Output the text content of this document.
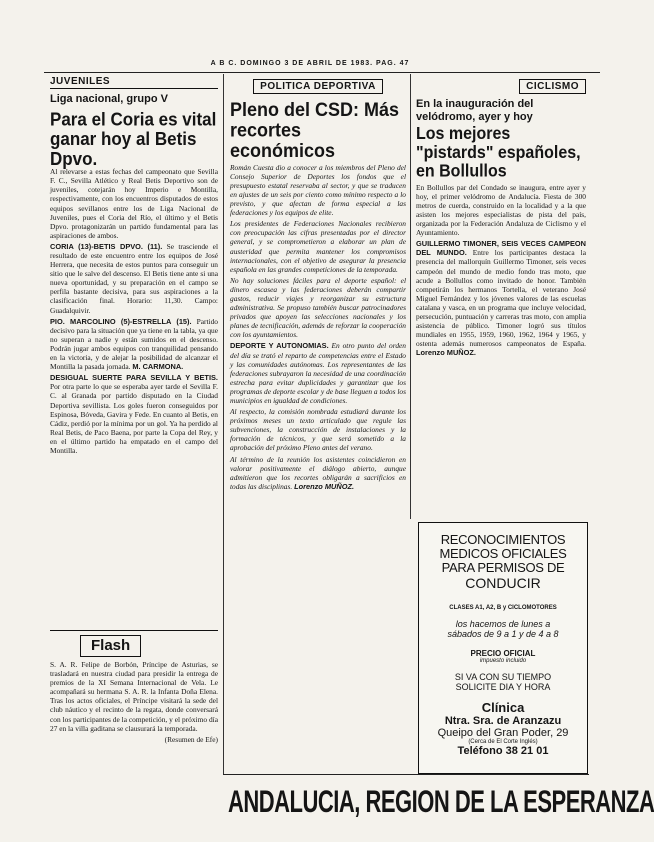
A B C. DOMINGO 3 DE ABRIL DE 1983. PAG. 47
JUVENILES
Liga nacional, grupo V
Para el Coria es vital ganar hoy al Betis Dpvo.

Al relevarse a estas fechas del campeonato que Sevilla F. C., Sevilla Atlético y Real Betis Deportivo son de juveniles, cotejarán hoy Imperio e Montilla, respectivamente, con los encuentros disputados de estos equipos sevillanos entre los de Liga Nacional de Juveniles, pues el Coria del Río, el último y el Betis Dpvo. protagonizarán un partido fundamental para las aspiraciones de ambos.

CORIA (13)-BETIS DPVO. (11). Se trasciende el resultado de este encuentro entre los equipos de José Herrera, que necesita de estos puntos para conseguir un sitio que le salve del descenso. El Betis tiene ante si una nueva oportunidad, y su preparación en el campo se perfila bastante decisiva, para sus aspiraciones a la clasificación final. Horario: 11,30. Campo: Guadalquivir.

PIO. MARCOLINO (5)-ESTRELLA (15). Partido decisivo para la situación que ya tiene en la tabla, ya que no superan a nadie y están sumidos en el descenso. Podrán jugar ambos equipos con tranquilidad pensando en la victoria, y de alejar la posibilidad de alcanzar el Montilla la pasada jornada. M. CARMONA.

DESIGUAL SUERTE PARA SEVILLA Y BETIS. Por otra parte lo que se esperaba ayer tarde el Sevilla F. C. al Granada por partido disputado en la Ciudad Deportiva sevillista. Los goles fueron conseguidos por Espinosa, Bóveda, Gavira y Fede. En cuanto al Betis, en Cádiz, perdió por la mínima por un gol. Ya ha perdido al Real Betis, de Paco Baena, por parte la Copa del Rey, y en el último partido ha empatado en el campo del Montilla.

Flash

S. A. R. Felipe de Borbón, Príncipe de Asturias, se trasladará en nuestra ciudad para presidir la entrega de premios de la XI Semana Internacional de Vela. Le acompañará su hermana S. A. R. la Infanta Doña Elena. Tras los actos oficiales, el Príncipe visitará la sede del club náutico y el recinto de la regata, donde conversará con los participantes de la competición, y el próximo día 27 en la villa gaditana se clausurará la temporada.

(Resumen de Efe)

POLITICA DEPORTIVA
Pleno del CSD: Más recortes económicos

Román Cuesta dio a conocer a los miembros del Pleno del Consejo Superior de Deportes los fondos que el presupuesto estatal reservaba al sector, y que se traducen en ajustes de un seis por ciento como mínimo respecto a lo previsto, y que afectan de forma especial a las federaciones y los equipos de elite.

Los presidentes de Federaciones Nacionales recibieron con preocupación las cifras presentadas por el director general, y se comprometieron a elaborar un plan de austeridad que permita mantener los compromisos internacionales, con el objetivo de asegurar la presencia española en las grandes competiciones de la temporada.

No hay soluciones fáciles para el deporte español: el dinero escasea y las federaciones deberán compartir gastos, reducir viajes y reorganizar su estructura administrativa. Se propuso también buscar patrocinadores privados que apoyen las selecciones nacionales y los planes de tecnificación, además de reforzar la cooperación con los ayuntamientos.

DEPORTE Y AUTONOMIAS. En otro punto del orden del día se trató el reparto de competencias entre el Estado y las comunidades autónomas. Los representantes de las federaciones subrayaron la necesidad de una coordinación estrecha para evitar duplicidades y garantizar que los programas de deporte escolar y de base lleguen a todos los municipios en igualdad de condiciones.

Al respecto, la comisión nombrada estudiará durante los próximos meses un texto articulado que regule las subvenciones, la construcción de instalaciones y la formación de técnicos, y que será sometido a la aprobación del próximo Pleno antes del verano.

Al término de la reunión los asistentes coincidieron en valorar positivamente el diálogo abierto, aunque admitieron que los recortes obligarán a sacrificios en todas las disciplinas. Lorenzo MUÑOZ.

CICLISMO
En la inauguración del velódromo, ayer y hoy
Los mejores "pistards" españoles, en Bollullos

En Bollullos par del Condado se inaugura, entre ayer y hoy, el primer velódromo de Andalucía. Fiesta de 300 metros de cuerda, construido en la localidad y a la que asisten los mejores especialistas de pista del país, organizada por la Federación Andaluza de Ciclismo y el Ayuntamiento.

GUILLERMO TIMONER, SEIS VECES CAMPEON DEL MUNDO. Entre los participantes destaca la presencia del mallorquín Guillermo Timoner, seis veces campeón del mundo de medio fondo tras moto, que acude a Bollullos como invitado de honor. También competirán los hermanos Tortella, el veterano José Miguel Fernández y los jóvenes valores de las escuelas catalana y vasca, en un programa que incluye velocidad, persecución, puntuación y carreras tras moto, con amplia asistencia de público. Timoner logró sus títulos mundiales en 1955, 1959, 1960, 1962, 1964 y 1965, y ostenta además numerosos campeonatos de España. Lorenzo MUÑOZ.

RECONOCIMIENTOS
MEDICOS OFICIALES
PARA PERMISOS DE
CONDUCIR
CLASES A1, A2, B y CICLOMOTORES
los hacemos de lunes a
sábados de 9 a 1 y de 4 a 8
PRECIO OFICIAL
impuesto incluido
SI VA CON SU TIEMPO
SOLICITE DIA Y HORA
Clínica
Ntra. Sra. de Aranzazu
Queipo del Gran Poder, 29
(Cerca de El Corte Inglés)
Teléfono 38 21 01
ANDALUCIA, REGION DE LA ESPERANZA
